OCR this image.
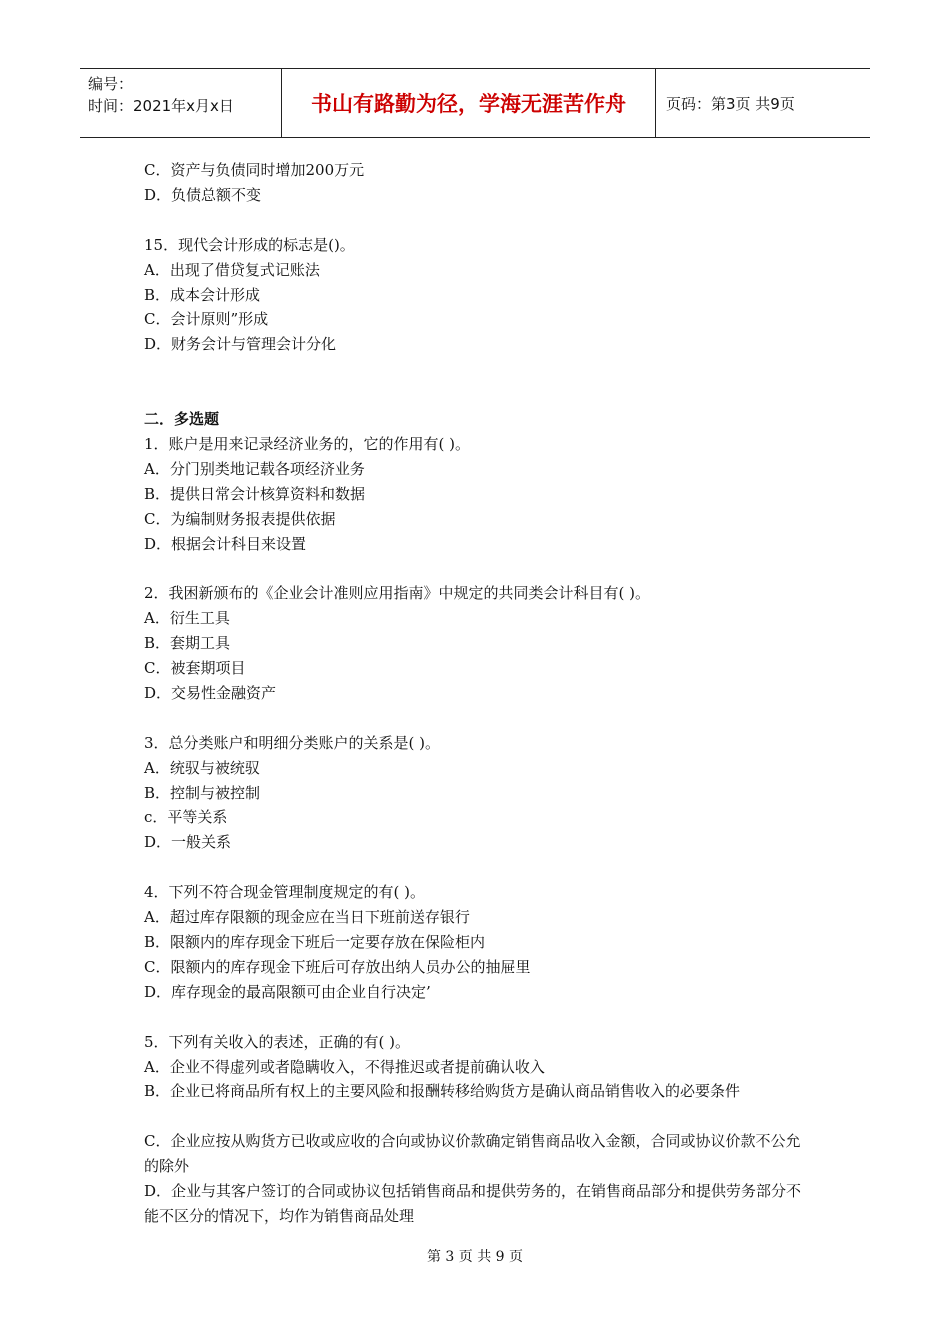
编号：
时间：2021年x月x日	书山有路勤为径，学海无涯苦作舟	页码：第3页 共9页
C．资产与负债同时增加200万元
D．负债总额不变
15．现代会计形成的标志是()。
A．出现了借贷复式记账法
B．成本会计形成
C．会计原则”形成
D．财务会计与管理会计分化
二．多选题
1．账户是用来记录经济业务的，它的作用有( )。
A．分门别类地记载各项经济业务
B．提供日常会计核算资料和数据
C．为编制财务报表提供依据
D．根据会计科目来设置
2．我困新颁布的《企业会计准则应用指南》中规定的共同类会计科目有( )。
A．衍生工具
B．套期工具
C．被套期项目
D．交易性金融资产
3．总分类账户和明细分类账户的关系是( )。
A．统驭与被统驭
B．控制与被控制
c．平等关系
D．一般关系
4．下列不符合现金管理制度规定的有( )。
A．超过库存限额的现金应在当日下班前送存银行
B．限额内的库存现金下班后一定要存放在保险柜内
C．限额内的库存现金下班后可存放出纳人员办公的抽屉里
D．库存现金的最高限额可由企业自行决定’
5．下列有关收入的表述，正确的有( )。
A．企业不得虚列或者隐瞒收入，不得推迟或者提前确认收入
B．企业已将商品所有权上的主要风险和报酬转移给购货方是确认商品销售收入的必要条件
C．企业应按从购货方已收或应收的合向或协议价款确定销售商品收入金额，合同或协议价款不公允的除外
D．企业与其客户签订的合同或协议包括销售商品和提供劳务的，在销售商品部分和提供劳务部分不能不区分的情况下，均作为销售商品处理
第 3 页 共 9 页
